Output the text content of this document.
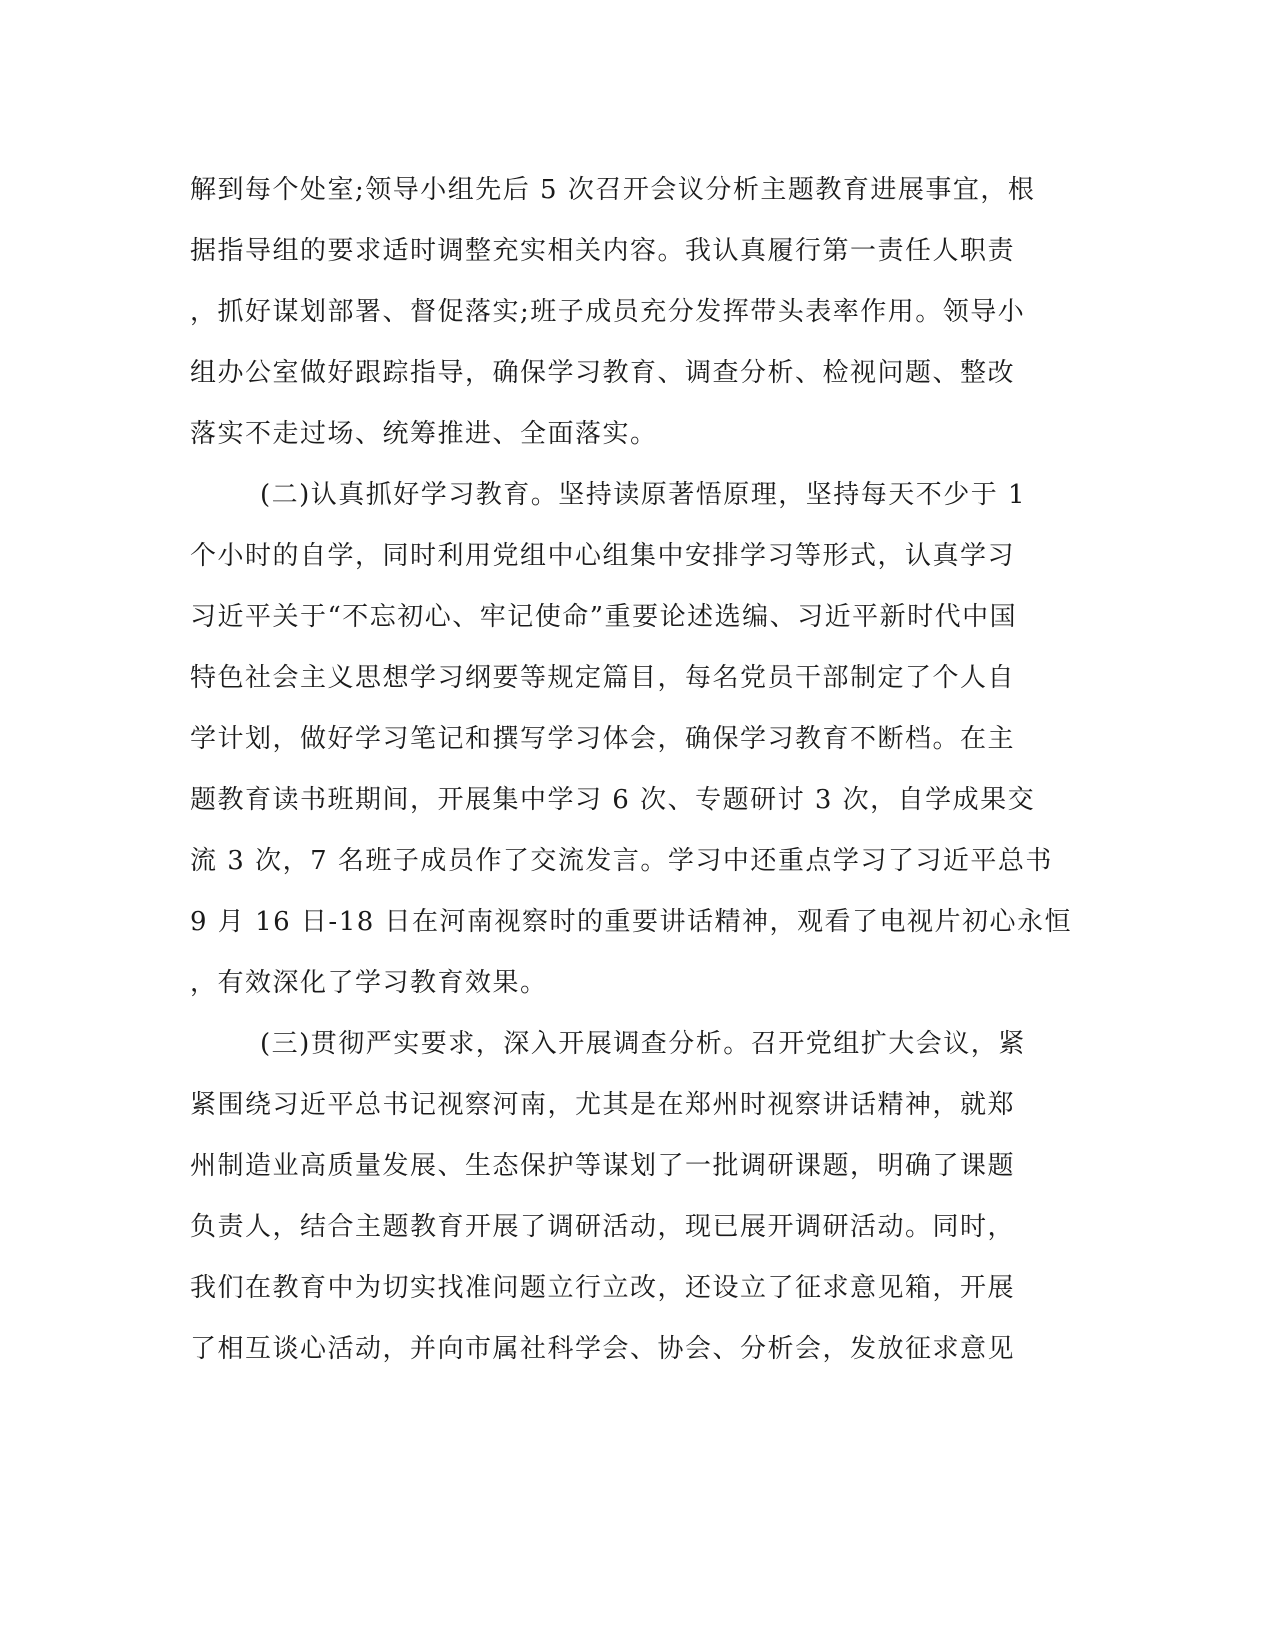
解到每个处室;领导小组先后 5 次召开会议分析主题教育进展事宜，根
据指导组的要求适时调整充实相关内容。我认真履行第一责任人职责
，抓好谋划部署、督促落实;班子成员充分发挥带头表率作用。领导小
组办公室做好跟踪指导，确保学习教育、调查分析、检视问题、整改
落实不走过场、统筹推进、全面落实。
(二)认真抓好学习教育。坚持读原著悟原理，坚持每天不少于 1
个小时的自学，同时利用党组中心组集中安排学习等形式，认真学习
习近平关于“不忘初心、牢记使命”重要论述选编、习近平新时代中国
特色社会主义思想学习纲要等规定篇目，每名党员干部制定了个人自
学计划，做好学习笔记和撰写学习体会，确保学习教育不断档。在主
题教育读书班期间，开展集中学习 6 次、专题研讨 3 次，自学成果交
流 3 次，7 名班子成员作了交流发言。学习中还重点学习了习近平总书
9 月 16 日-18 日在河南视察时的重要讲话精神，观看了电视片初心永恒
，有效深化了学习教育效果。
(三)贯彻严实要求，深入开展调查分析。召开党组扩大会议，紧
紧围绕习近平总书记视察河南，尤其是在郑州时视察讲话精神，就郑
州制造业高质量发展、生态保护等谋划了一批调研课题，明确了课题
负责人，结合主题教育开展了调研活动，现已展开调研活动。同时，
我们在教育中为切实找准问题立行立改，还设立了征求意见箱，开展
了相互谈心活动，并向市属社科学会、协会、分析会，发放征求意见
